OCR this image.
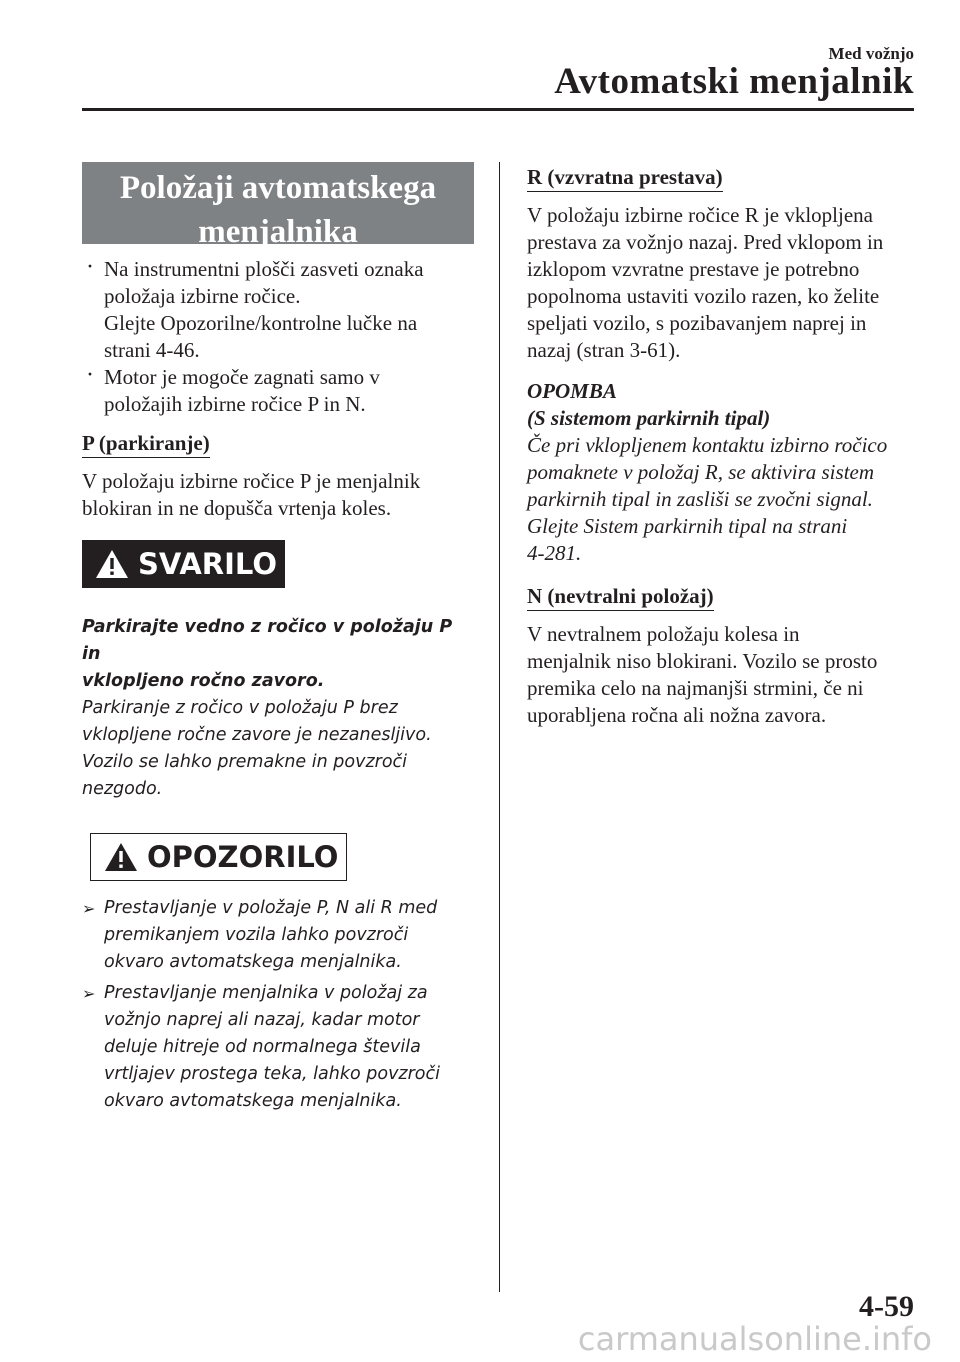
Med vožnjo
Avtomatski menjalnik
Položaji avtomatskega
menjalnika
· Na instrumentni plošči zasveti oznaka
položaja izbirne ročice.
Glejte Opozorilne/kontrolne lučke na
strani 4-46.
· Motor je mogoče zagnati samo v
položajih izbirne ročice P in N.
P (parkiranje)
V položaju izbirne ročice P je menjalnik
blokiran in ne dopušča vrtenja koles.
SVARILO
Parkirajte vedno z ročico v položaju P in
vklopljeno ročno zavoro.
Parkiranje z ročico v položaju P brez
vklopljene ročne zavore je nezanesljivo.
Vozilo se lahko premakne in povzroči
nezgodo.
OPOZORILO
➢ Prestavljanje v položaje P, N ali R med
premikanjem vozila lahko povzroči
okvaro avtomatskega menjalnika.
➢ Prestavljanje menjalnika v položaj za
vožnjo naprej ali nazaj, kadar motor
deluje hitreje od normalnega števila
vrtljajev prostega teka, lahko povzroči
okvaro avtomatskega menjalnika.
R (vzvratna prestava)
V položaju izbirne ročice R je vklopljena
prestava za vožnjo nazaj. Pred vklopom in
izklopom vzvratne prestave je potrebno
popolnoma ustaviti vozilo razen, ko želite
speljati vozilo, s pozibavanjem naprej in
nazaj (stran 3-61).
OPOMBA
(S sistemom parkirnih tipal)
Če pri vklopljenem kontaktu izbirno ročico
pomaknete v položaj R, se aktivira sistem
parkirnih tipal in zasliši se zvočni signal.
Glejte Sistem parkirnih tipal na strani
4-281.
N (nevtralni položaj)
V nevtralnem položaju kolesa in
menjalnik niso blokirani. Vozilo se prosto
premika celo na najmanjši strmini, če ni
uporabljena ročna ali nožna zavora.
4-59
carmanualsonline.info
